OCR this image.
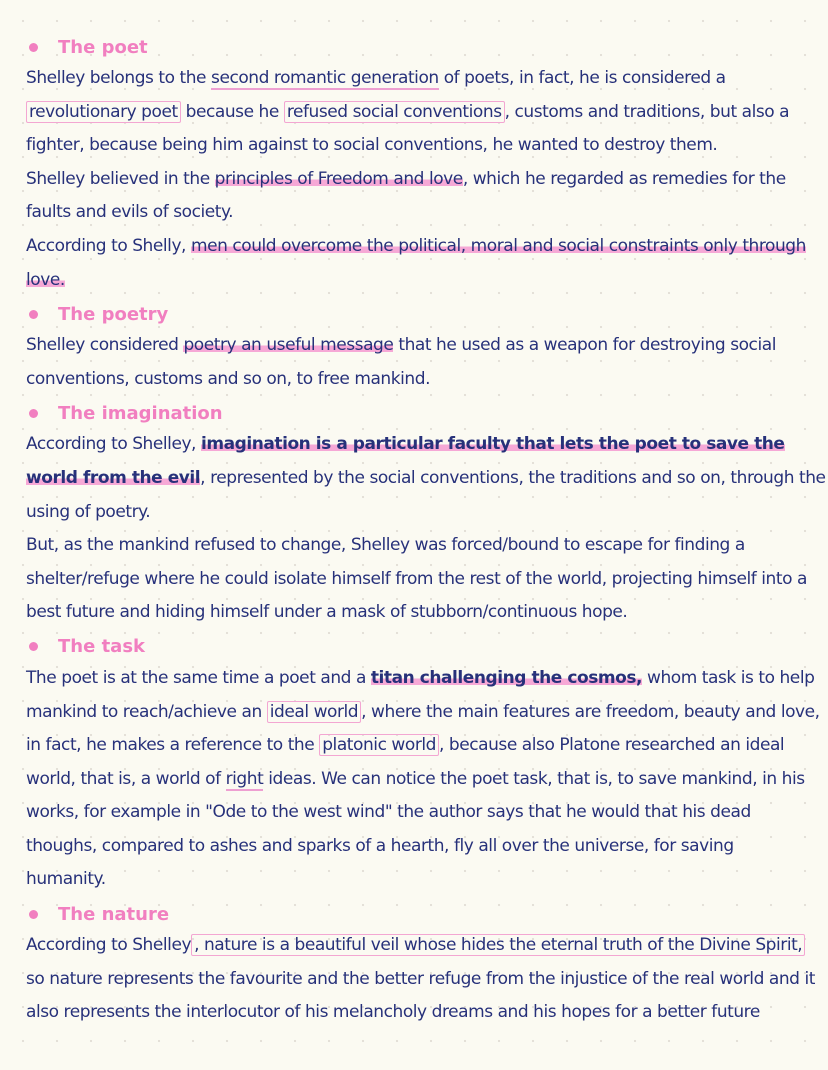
The poet
Shelley belongs to the second romantic generation of poets, in fact, he is considered a
revolutionary poet because he refused social conventions , customs and traditions, but also a
fighter, because being him against to social conventions, he wanted to destroy them.
Shelley believed in the principles of Freedom and love, which he regarded as remedies for the
faults and evils of society.
According to Shelly, men could overcome the political, moral and social constraints only through
love.
The poetry
Shelley considered poetry an useful message that he used as a weapon for destroying social
conventions, customs and so on, to free mankind.
The imagination
According to Shelley, imagination is a particular faculty that lets the poet to save the
world from the evil, represented by the social conventions, the traditions and so on, through the
using of poetry.
But, as the mankind refused to change, Shelley was forced/bound to escape for finding a
shelter/refuge where he could isolate himself from the rest of the world, projecting himself into a
best future and hiding himself under a mask of stubborn/continuous hope.
The task
The poet is at the same time a poet and a titan challenging the cosmos, whom task is to help
mankind to reach/achieve an ideal world , where the main features are freedom, beauty and love,
in fact, he makes a reference to the platonic world , because also Platone researched an ideal
world, that is, a world of right ideas. We can notice the poet task, that is, to save mankind, in his
works, for example in "Ode to the west wind" the author says that he would that his dead
thoughs, compared to ashes and sparks of a hearth, fly all over the universe, for saving
humanity.
The nature
According to Shelley , nature is a beautiful veil whose hides the eternal truth of the Divine Spirit,
so nature represents the favourite and the better refuge from the injustice of the real world and it
also represents the interlocutor of his melancholy dreams and his hopes for a better future
